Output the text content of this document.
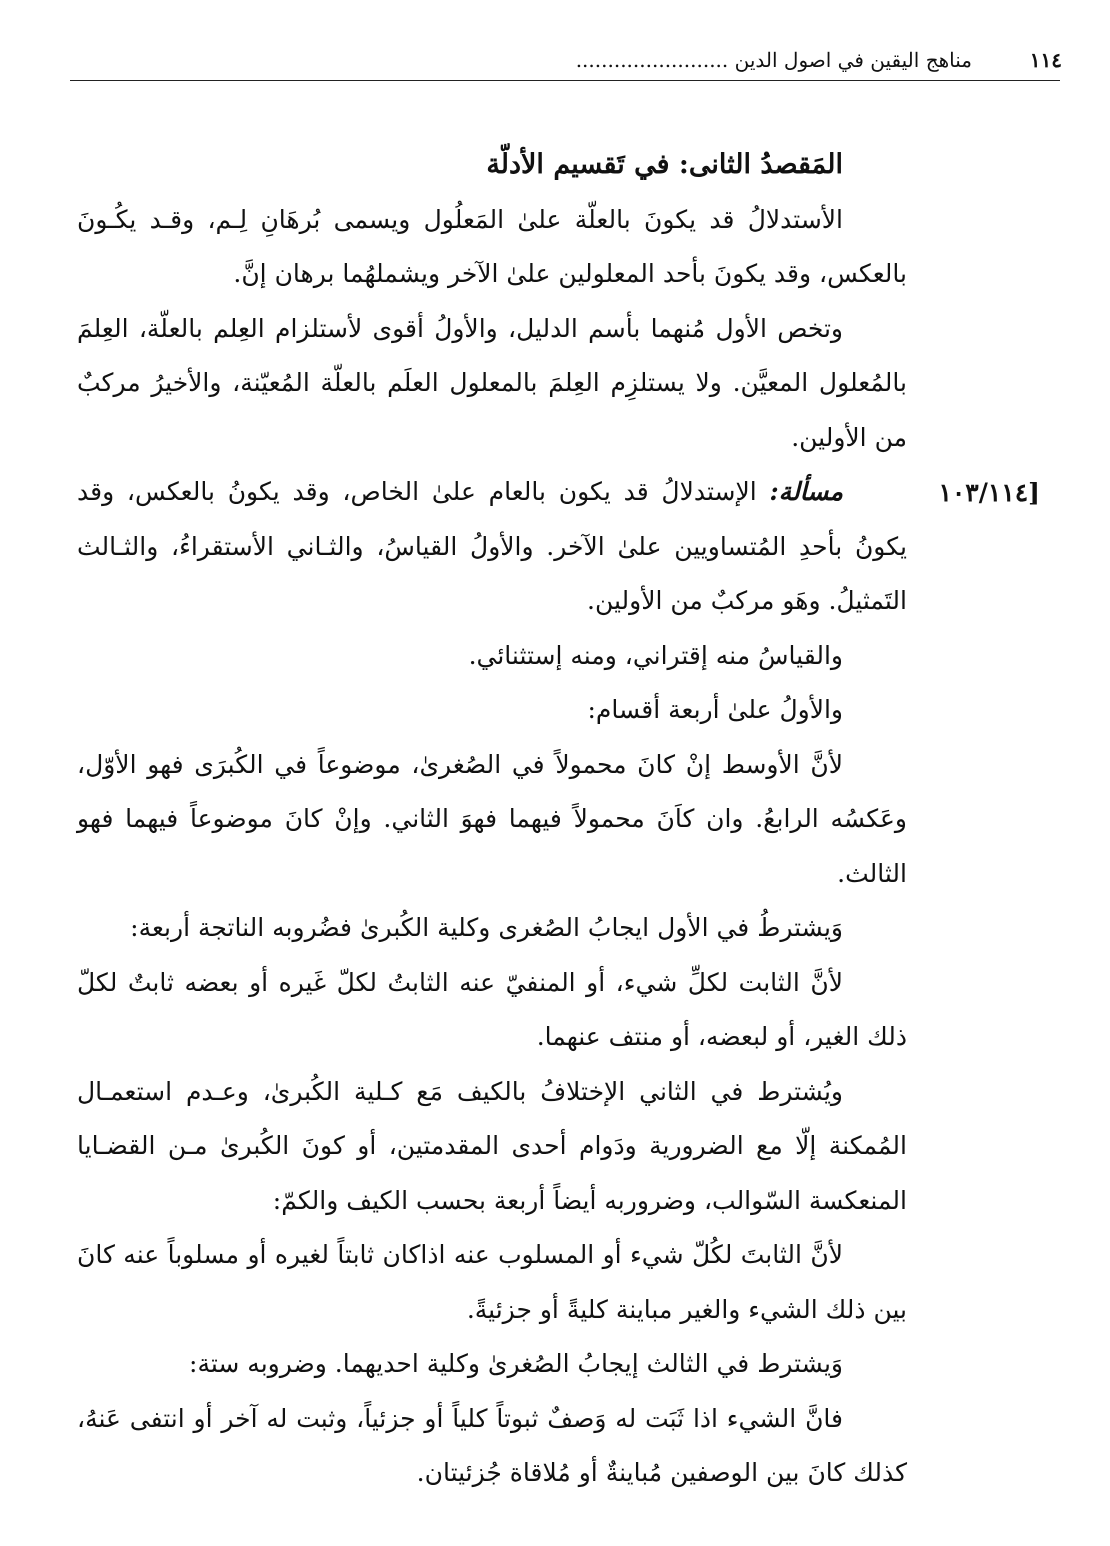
١١٤
مناهج اليقين في اصول الدين ........................
[١٠٣/١١٤

المَقصدُ الثانى: في تَقسيم الأدلّة

الأستدلالُ قد يكونَ بالعلّة علىٰ المَعلُول ويسمى بُرهَانِ لِـم، وقـد يكُـونَ بالعكس، وقد يكونَ بأحد المعلولين علىٰ الآخر ويشملهُما برهان إنَّ.

وتخص الأول مُنهما بأسم الدليل، والأولُ أقوى لأستلزام العِلم بالعلّة، العِلمَ بالمُعلول المعيَّن. ولا يستلزِم العِلمَ بالمعلول العلَم بالعلّة المُعيّنة، والأخيرُ مركبٌ من الأولين.

مسألة: الإستدلالُ قد يكون بالعام علىٰ الخاص، وقد يكونُ بالعكس، وقد يكونُ بأحدِ المُتساويين علىٰ الآخر. والأولُ القياسُ، والثـاني الأستقراءُ، والثـالث التَمثيلُ. وهَو مركبٌ من الأولين.

والقياسُ منه إقتراني، ومنه إستثنائي.

والأولُ علىٰ أربعة أقسام:

لأنَّ الأوسط إنْ كانَ محمولاً في الصُغرىٰ، موضوعاً في الكُبرَى فهو الأوّل، وعَكسُه الرابعُ. وان كاَنَ محمولاً فيهما فهوَ الثاني. وإنْ كانَ موضوعاً فيهما فهو الثالث.

وَيشترطُ في الأول ايجابُ الصُغرى وكلية الكُبرىٰ فضُروبه الناتجة أربعة:

لأنَّ الثابت لكلِّ شيء، أو المنفيّ عنه الثابتُ لكلّ غَيره أو بعضه ثابتٌ لكلّ ذلك الغير، أو لبعضه، أو منتف عنهما.

ويُشترط في الثاني الإختلافُ بالكيف مَع كـلية الكُبرىٰ، وعـدم استعمـال المُمكنة إلّا مع الضرورية ودَوام أحدى المقدمتين، أو كونَ الكُبرىٰ مـن القضـايا المنعكسة السّوالب، وضروربه أيضاً أربعة بحسب الكيف والكمّ:

لأنَّ الثابتَ لكُلّ شيء أو المسلوب عنه اذاكان ثابتاً لغيره أو مسلوباً عنه كانَ بين ذلك الشيء والغير مباينة كليةً أو جزئيةً.

وَيشترط في الثالث إيجابُ الصُغرىٰ وكلية احديهما. وضروبه ستة:

فانَّ الشيء اذا ثَبَت له وَصفٌ ثبوتاً كلياً أو جزئياً، وثبت له آخر أو انتفى عَنهُ، كذلك كانَ بين الوصفين مُباينةٌ أو مُلاقاة جُزئيتان.
